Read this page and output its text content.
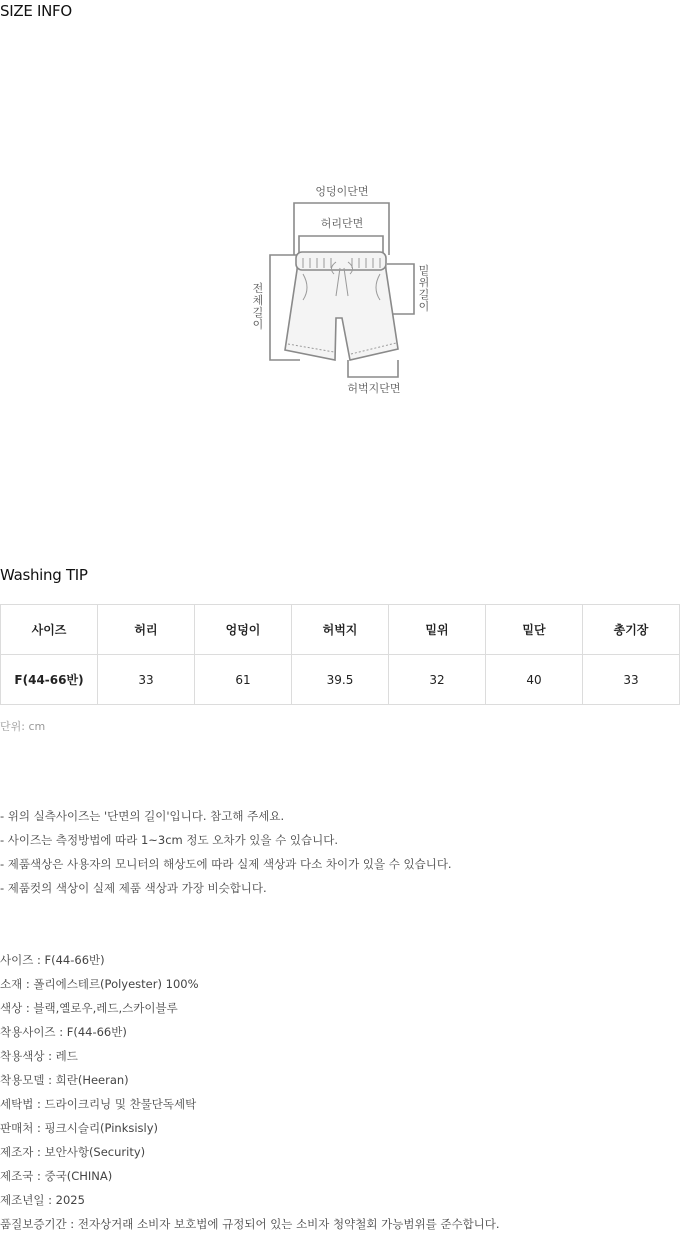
SIZE INFO
엉덩이단면
허리단면
허벅지단면
전 체 길 이
밑 위 길 이
Washing TIP
사이즈	허리	엉덩이	허벅지	밑위	밑단	총기장
F(44-66반)	33	61	39.5	32	40	33
단위: cm
- 위의 실측사이즈는 '단면의 길이'입니다. 참고해 주세요.
- 사이즈는 측정방법에 따라 1~3cm 정도 오차가 있을 수 있습니다.
- 제품색상은 사용자의 모니터의 해상도에 따라 실제 색상과 다소 차이가 있을 수 있습니다.
- 제품컷의 색상이 실제 제품 색상과 가장 비슷합니다.
사이즈 : F(44-66반)
소재 : 폴리에스테르(Polyester) 100%
색상 : 블랙,옐로우,레드,스카이블루
착용사이즈 : F(44-66반)
착용색상 : 레드
착용모델 : 희란(Heeran)
세탁법 : 드라이크리닝 및 찬물단독세탁
판매처 : 핑크시슬리(Pinksisly)
제조자 : 보안사항(Security)
제조국 : 중국(CHINA)
제조년일 : 2025
품질보증기간 : 전자상거래 소비자 보호법에 규정되어 있는 소비자 청약철회 가능범위를 준수합니다.
